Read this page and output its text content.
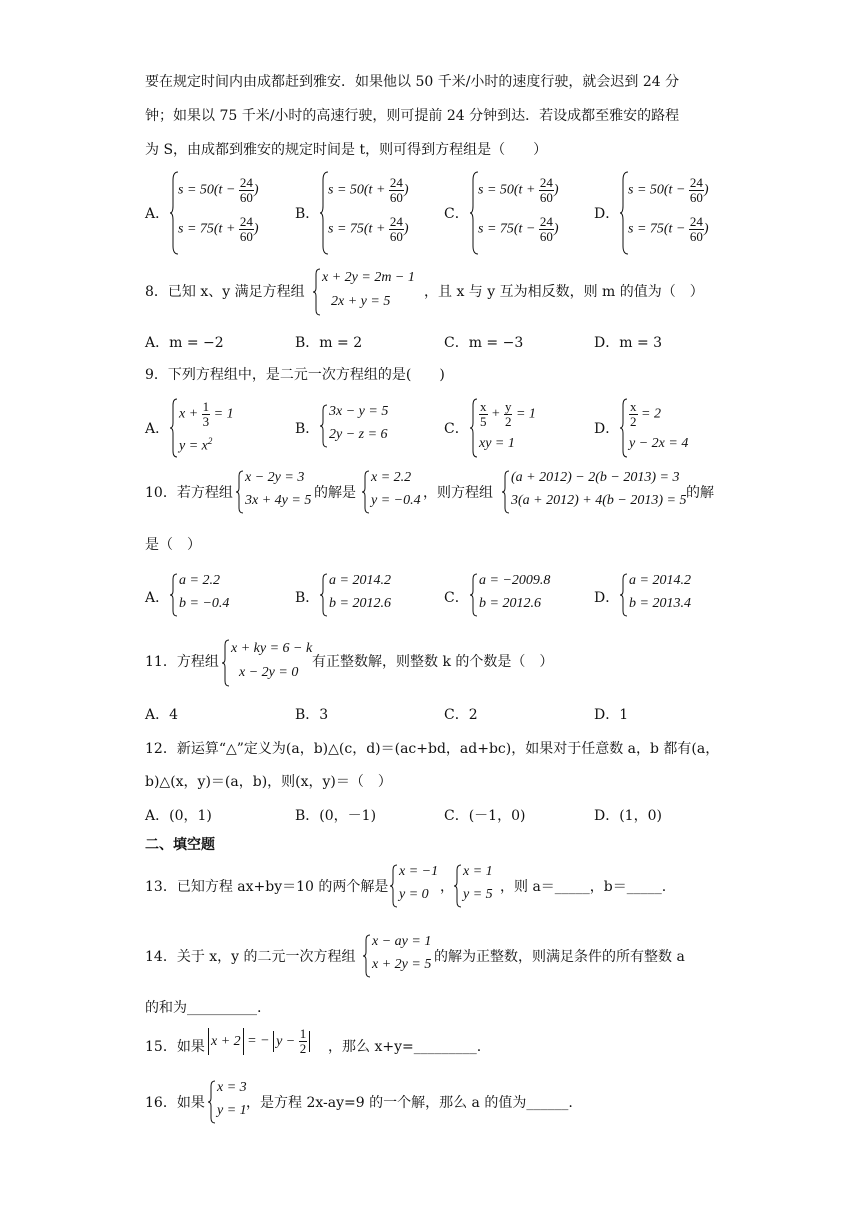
要在规定时间内由成都赶到雅安．如果他以 50 千米/小时的速度行驶，就会迟到 24 分
钟；如果以 75 千米/小时的高速行驶，则可提前 24 分钟到达．若设成都至雅安的路程
为 S，由成都到雅安的规定时间是 t，则可得到方程组是（　　）
A．
$s = 50(t - \frac{24}{60}$ )
$s = 75(t + \frac{24}{60}$ )
B．
$s = 50(t + \frac{24}{60}$ )
$s = 75(t + \frac{24}{60}$ )
C．
$s = 50(t + \frac{24}{60}$ )
$s = 75(t - \frac{24}{60}$ )
D．
$s = 50(t - \frac{24}{60}$ )
$s = 75(t - \frac{24}{60}$ )
8．已知 x、y 满足方程组
x + 2y = 2m − 1
2x + y = 5
，且 x 与 y 互为相反数，则 m 的值为（　）
A．m = −2	B．m = 2	C．m = −3	D．m = 3
9．下列方程组中，是二元一次方程组的是(　　)
A．
$x + \frac{1}{3} = 1$
$y = x^2$
B．
3x − y = 5
2y − z = 6	C． $\frac{x}{5} + \frac{y}{2} = 1$
xy = 1
D． $\frac{x}{2} = 2$
y − 2x = 4
10．若方程组
x − 2y = 3
3x + 4y = 5 的解是
x = 2.2
y = −0.4 ，则方程组
(a + 2012) − 2(b − 2013) = 3
3(a + 2012) + 4(b − 2013) = 5 的解
是（　）
A．
a = 2.2
b = −0.4	B．
a = 2014.2
b = 2012.6	C．
a = −2009.8
b = 2012.6	D．
a = 2014.2
b = 2013.4
11．方程组
x + ky = 6 − k
x − 2y = 0
有正整数解，则整数 k 的个数是（　）
A．4	B．3	C．2	D．1
12．新运算“△”定义为(a，b)△(c，d)＝(ac+bd，ad+bc)，如果对于任意数 a，b 都有(a，
b)△(x，y)＝(a，b)，则(x，y)＝（　）
A．(0，1)	B．(0，－1)	C．(－1，0)	D．(1，0)
二、填空题
13．已知方程 ax+by＝10 的两个解是
x = −1
y = 0 ，
x = 1
y = 5 ，则 a＝_____，b＝_____.
14．关于 x，y 的二元一次方程组
x − ay = 1
x + 2y = 5 的解为正整数，则满足条件的所有整数 a
的和为__________.
15．如果 x + 2 = − $y - \frac{1}{2}$ ，那么 x+y=_________.
16．如果
x = 3
y = 1 ，是方程 2x-ay=9 的一个解，那么 a 的值为______.
